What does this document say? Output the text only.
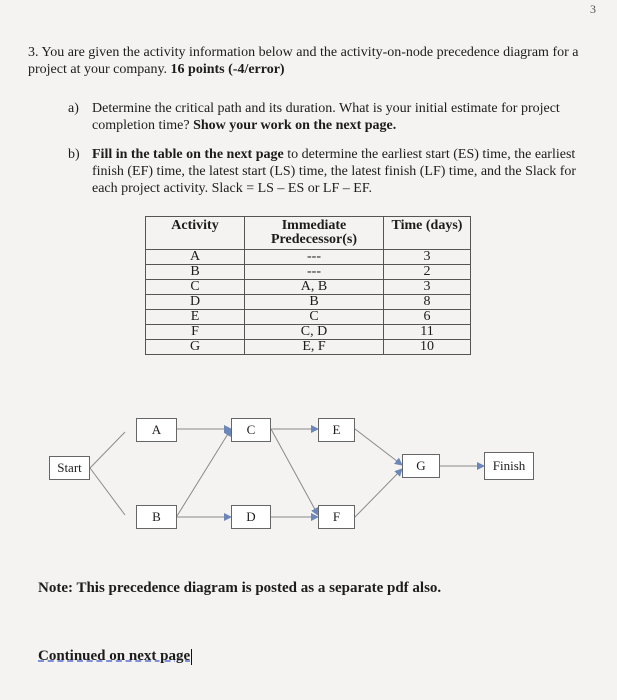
3
3. You are given the activity information below and the activity-on-node precedence diagram for a project at your company. 16 points (-4/error)
a) Determine the critical path and its duration. What is your initial estimate for project completion time? Show your work on the next page.
b) Fill in the table on the next page to determine the earliest start (ES) time, the earliest finish (EF) time, the latest start (LS) time, the latest finish (LF) time, and the Slack for each project activity. Slack = LS – ES or LF – EF.
Activity	Immediate Predecessor(s)	Time (days)
A	---	3
B	---	2
C	A, B	3
D	B	8
E	C	6
F	C, D	11
G	E, F	10
Start
A
B
C
D
E
F
G	Finish
Note: This precedence diagram is posted as a separate pdf also.
Continued on next page
